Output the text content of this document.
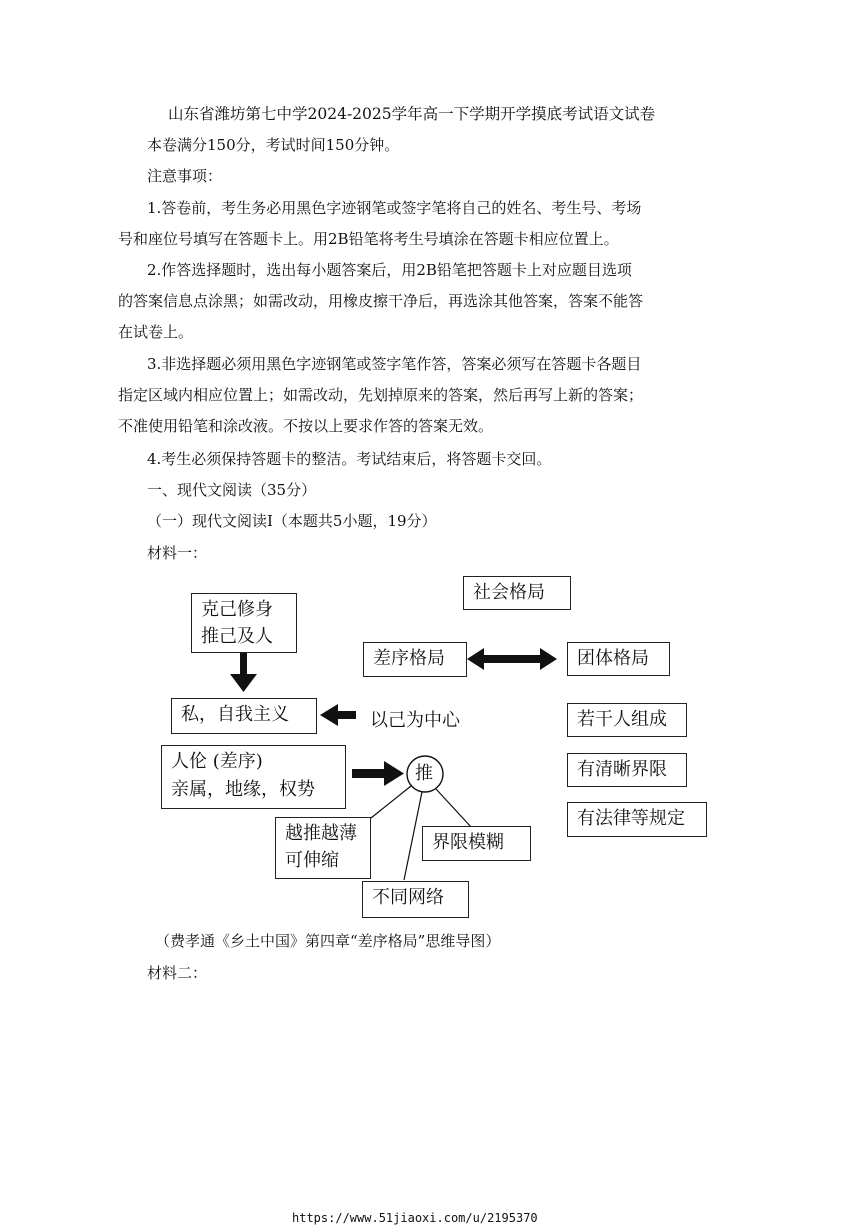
山东省潍坊第七中学2024-2025学年高一下学期开学摸底考试语文试卷
本卷满分150分，考试时间150分钟。
注意事项：
1.答卷前，考生务必用黑色字迹钢笔或签字笔将自己的姓名、考生号、考场
号和座位号填写在答题卡上。用2B铅笔将考生号填涂在答题卡相应位置上。
2.作答选择题时，选出每小题答案后，用2B铅笔把答题卡上对应题目选项
的答案信息点涂黑；如需改动，用橡皮擦干净后，再选涂其他答案，答案不能答
在试卷上。
3.非选择题必须用黑色字迹钢笔或签字笔作答，答案必须写在答题卡各题目
指定区域内相应位置上；如需改动，先划掉原来的答案，然后再写上新的答案；
不准使用铅笔和涂改液。不按以上要求作答的答案无效。
4.考生必须保持答题卡的整洁。考试结束后，将答题卡交回。
一、现代文阅读（35分）
（一）现代文阅读Ⅰ（本题共5小题，19分）
材料一：
克己修身
推己及人
私，自我主义	以己为中心
人伦 (差序)
亲属，地缘，权势
推
越推越薄
可伸缩
界限模糊
不同网络
社会格局
差序格局	团体格局
若干人组成
有清晰界限
有法律等规定
（费孝通《乡土中国》第四章“差序格局”思维导图）
材料二：
https://www.51jiaoxi.com/u/2195370
